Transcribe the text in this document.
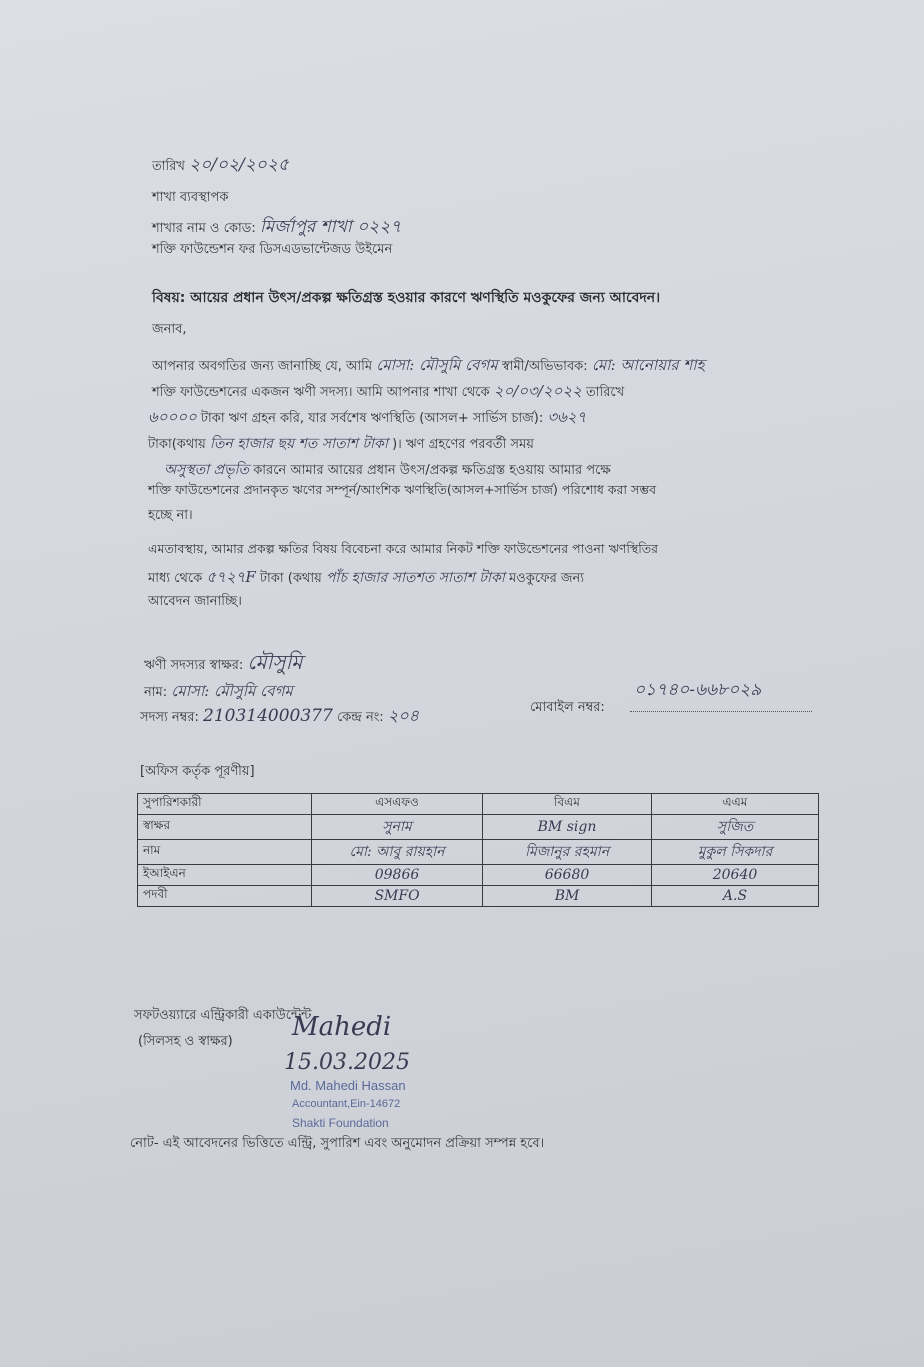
তারিখ ২০/০২/২০২৫
শাখা ব্যবস্থাপক
শাখার নাম ও কোড: মির্জাপুর শাখা ০২২৭
শক্তি ফাউন্ডেশন ফর ডিসএডভান্টেজড উইমেন
বিষয়: আয়ের প্রধান উৎস/প্রকল্প ক্ষতিগ্রস্ত হওয়ার কারণে ঋণস্থিতি মওকুফের জন্য আবেদন।
জনাব,
আপনার অবগতির জন্য জানাচ্ছি যে, আমি মোসা: মৌসুমি বেগম স্বামী/অভিভাবক: মো: আনোয়ার শাহ
শক্তি ফাউন্ডেশনের একজন ঋণী সদস্য। আমি আপনার শাখা থেকে ২০/০৩/২০২২ তারিখে
৬০০০০ টাকা ঋণ গ্রহন করি, যার সর্বশেষ ঋণস্থিতি (আসল+ সার্ভিস চার্জ): ৩৬২৭
টাকা(কথায় তিন হাজার ছয় শত সাতাশ টাকা )। ঋণ গ্রহণের পরবর্তী সময়
অসুস্থতা প্রভৃতি কারনে আমার আয়ের প্রধান উৎস/প্রকল্প ক্ষতিগ্রস্ত হওয়ায় আমার পক্ষে
শক্তি ফাউন্ডেশনের প্রদানকৃত ঋণের সম্পূর্ন/আংশিক ঋণস্থিতি(আসল+সার্ভিস চার্জ) পরিশোধ করা সম্ভব
হচ্ছে না।
এমতাবস্থায়, আমার প্রকল্প ক্ষতির বিষয় বিবেচনা করে আমার নিকট শক্তি ফাউন্ডেশনের পাওনা ঋণস্থিতির
মাধ্য থেকে ৫৭২৭F টাকা (কথায় পাঁচ হাজার সাতশত সাতাশ টাকা মওকুফের জন্য
আবেদন জানাচ্ছি।
ঋণী সদস্যর স্বাক্ষর: মৌসুমি
নাম: মোসা: মৌসুমি বেগম
সদস্য নম্বর: 210314000377 কেন্দ্র নং: ২০৪	মোবাইল নম্বর:
০১৭৪০-৬৬৮০২৯
[অফিস কর্তৃক পূরণীয়]
সুপারিশকারী	এসএফও	বিএম	এএম
স্বাক্ষর	সুনাম	BM sign	সুজিত
নাম	মো: আবু রায়হান	মিজানুর রহমান	মুকুল সিকদার
ইআইএন	09866	66680	20640
পদবী	SMFO	BM	A.S
সফটওয়্যারে এন্ট্রিকারী একাউন্টেন্ট
(সিলসহ ও স্বাক্ষর) Mahedi
15.03.2025
Md. Mahedi Hassan
Accountant,Ein-14672
Shakti Foundation
নোট- এই আবেদনের ভিত্তিতে এন্ট্রি, সুপারিশ এবং অনুমোদন প্রক্রিয়া সম্পন্ন হবে।
